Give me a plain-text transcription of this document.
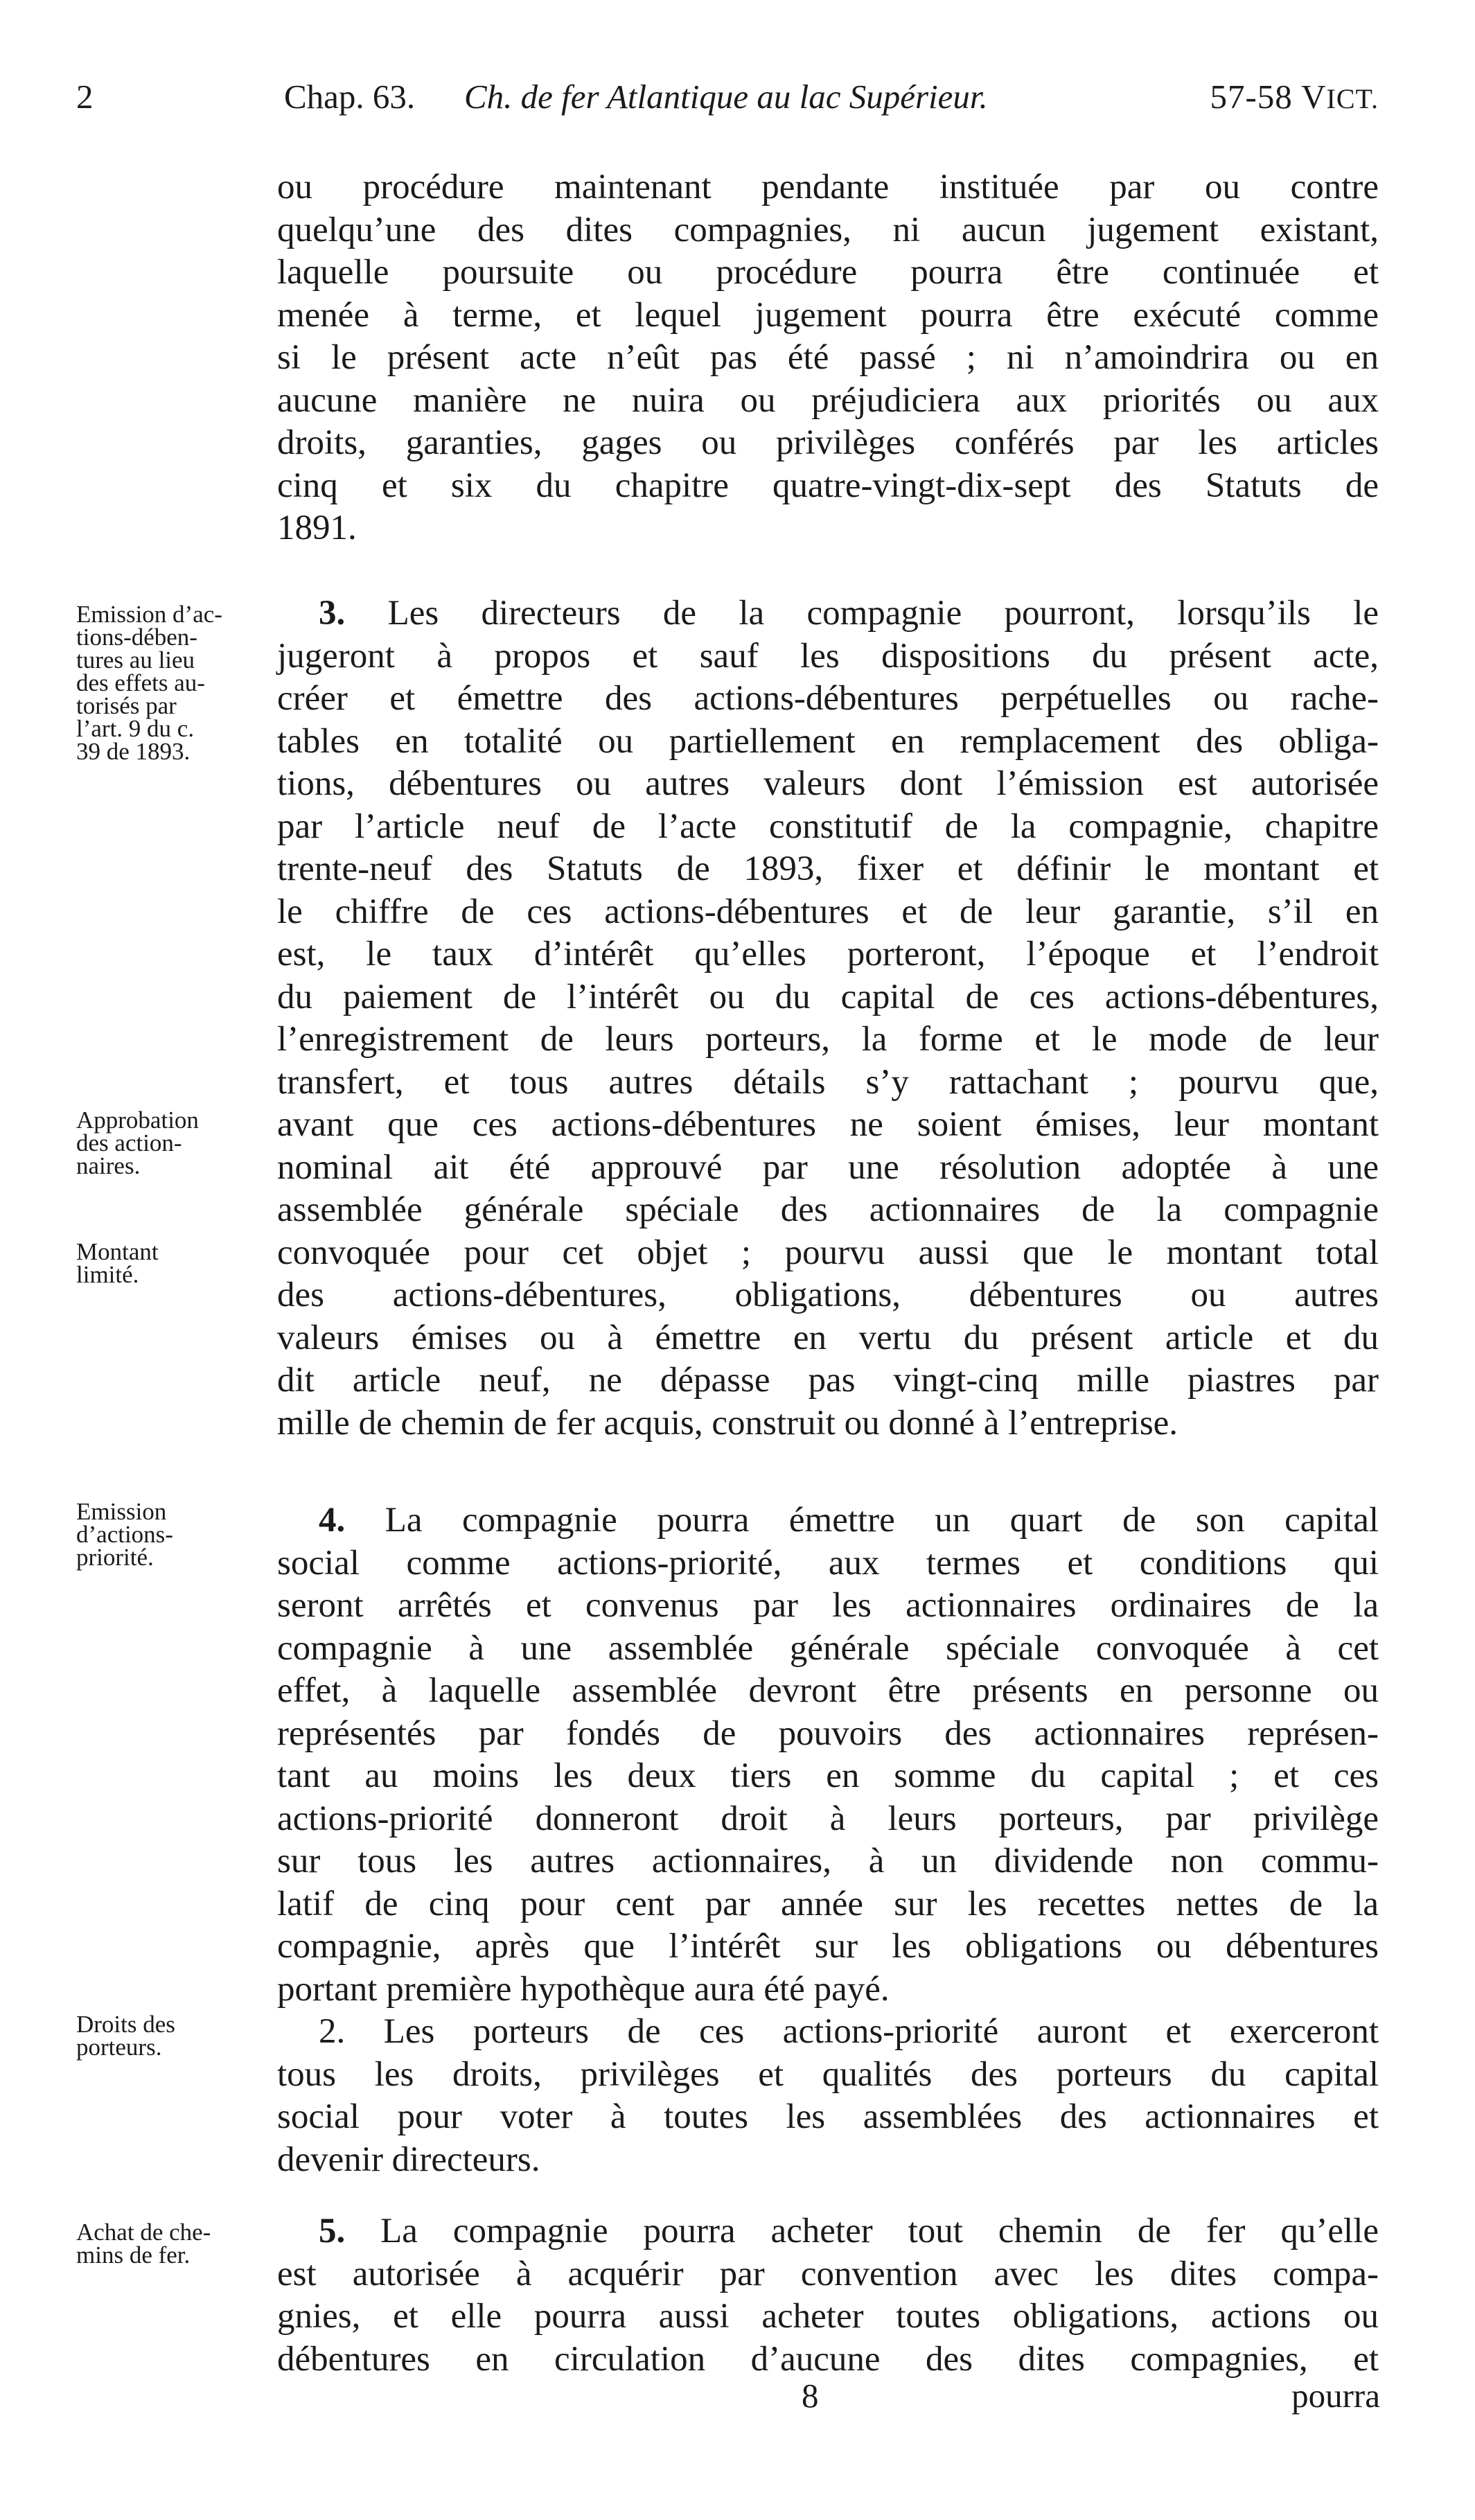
2	Chap. 63. Ch. de fer Atlantique au lac Supérieur.	57-58 VICT.
ou procédure maintenant pendante instituée par ou contre
quelqu’une des dites compagnies, ni aucun jugement existant,
laquelle poursuite ou procédure pourra être continuée et
menée à terme, et lequel jugement pourra être exécuté comme
si le présent acte n’eût pas été passé ; ni n’amoindrira ou en
aucune manière ne nuira ou préjudiciera aux priorités ou aux
droits, garanties, gages ou privilèges conférés par les articles
cinq et six du chapitre quatre-vingt-dix-sept des Statuts de
1891.
3. Les directeurs de la compagnie pourront, lorsqu’ils le
jugeront à propos et sauf les dispositions du présent acte,
créer et émettre des actions-débentures perpétuelles ou rache-
tables en totalité ou partiellement en remplacement des obliga-
tions, débentures ou autres valeurs dont l’émission est autorisée
par l’article neuf de l’acte constitutif de la compagnie, chapitre
trente-neuf des Statuts de 1893, fixer et définir le montant et
le chiffre de ces actions-débentures et de leur garantie, s’il en
est, le taux d’intérêt qu’elles porteront, l’époque et l’endroit
du paiement de l’intérêt ou du capital de ces actions-débentures,
l’enregistrement de leurs porteurs, la forme et le mode de leur
transfert, et tous autres détails s’y rattachant ; pourvu que,
avant que ces actions-débentures ne soient émises, leur montant
nominal ait été approuvé par une résolution adoptée à une
assemblée générale spéciale des actionnaires de la compagnie
convoquée pour cet objet ; pourvu aussi que le montant total
des actions-débentures, obligations, débentures ou autres
valeurs émises ou à émettre en vertu du présent article et du
dit article neuf, ne dépasse pas vingt-cinq mille piastres par
mille de chemin de fer acquis, construit ou donné à l’entreprise.
4. La compagnie pourra émettre un quart de son capital
social comme actions-priorité, aux termes et conditions qui
seront arrêtés et convenus par les actionnaires ordinaires de la
compagnie à une assemblée générale spéciale convoquée à cet
effet, à laquelle assemblée devront être présents en personne ou
représentés par fondés de pouvoirs des actionnaires représen-
tant au moins les deux tiers en somme du capital ; et ces
actions-priorité donneront droit à leurs porteurs, par privilège
sur tous les autres actionnaires, à un dividende non commu-
latif de cinq pour cent par année sur les recettes nettes de la
compagnie, après que l’intérêt sur les obligations ou débentures
portant première hypothèque aura été payé.
2. Les porteurs de ces actions-priorité auront et exerceront
tous les droits, privilèges et qualités des porteurs du capital
social pour voter à toutes les assemblées des actionnaires et
devenir directeurs.
5. La compagnie pourra acheter tout chemin de fer qu’elle
est autorisée à acquérir par convention avec les dites compa-
gnies, et elle pourra aussi acheter toutes obligations, actions ou
débentures en circulation d’aucune des dites compagnies, et
Emission d’ac-
tions-dében-
tures au lieu
des effets au-
torisés par
l’art. 9 du c.
39 de 1893.
Approbation
des action-
naires.
Montant
limité.
Emission
d’actions-
priorité.
Droits des
porteurs.
Achat de che-
mins de fer.
8	pourra
